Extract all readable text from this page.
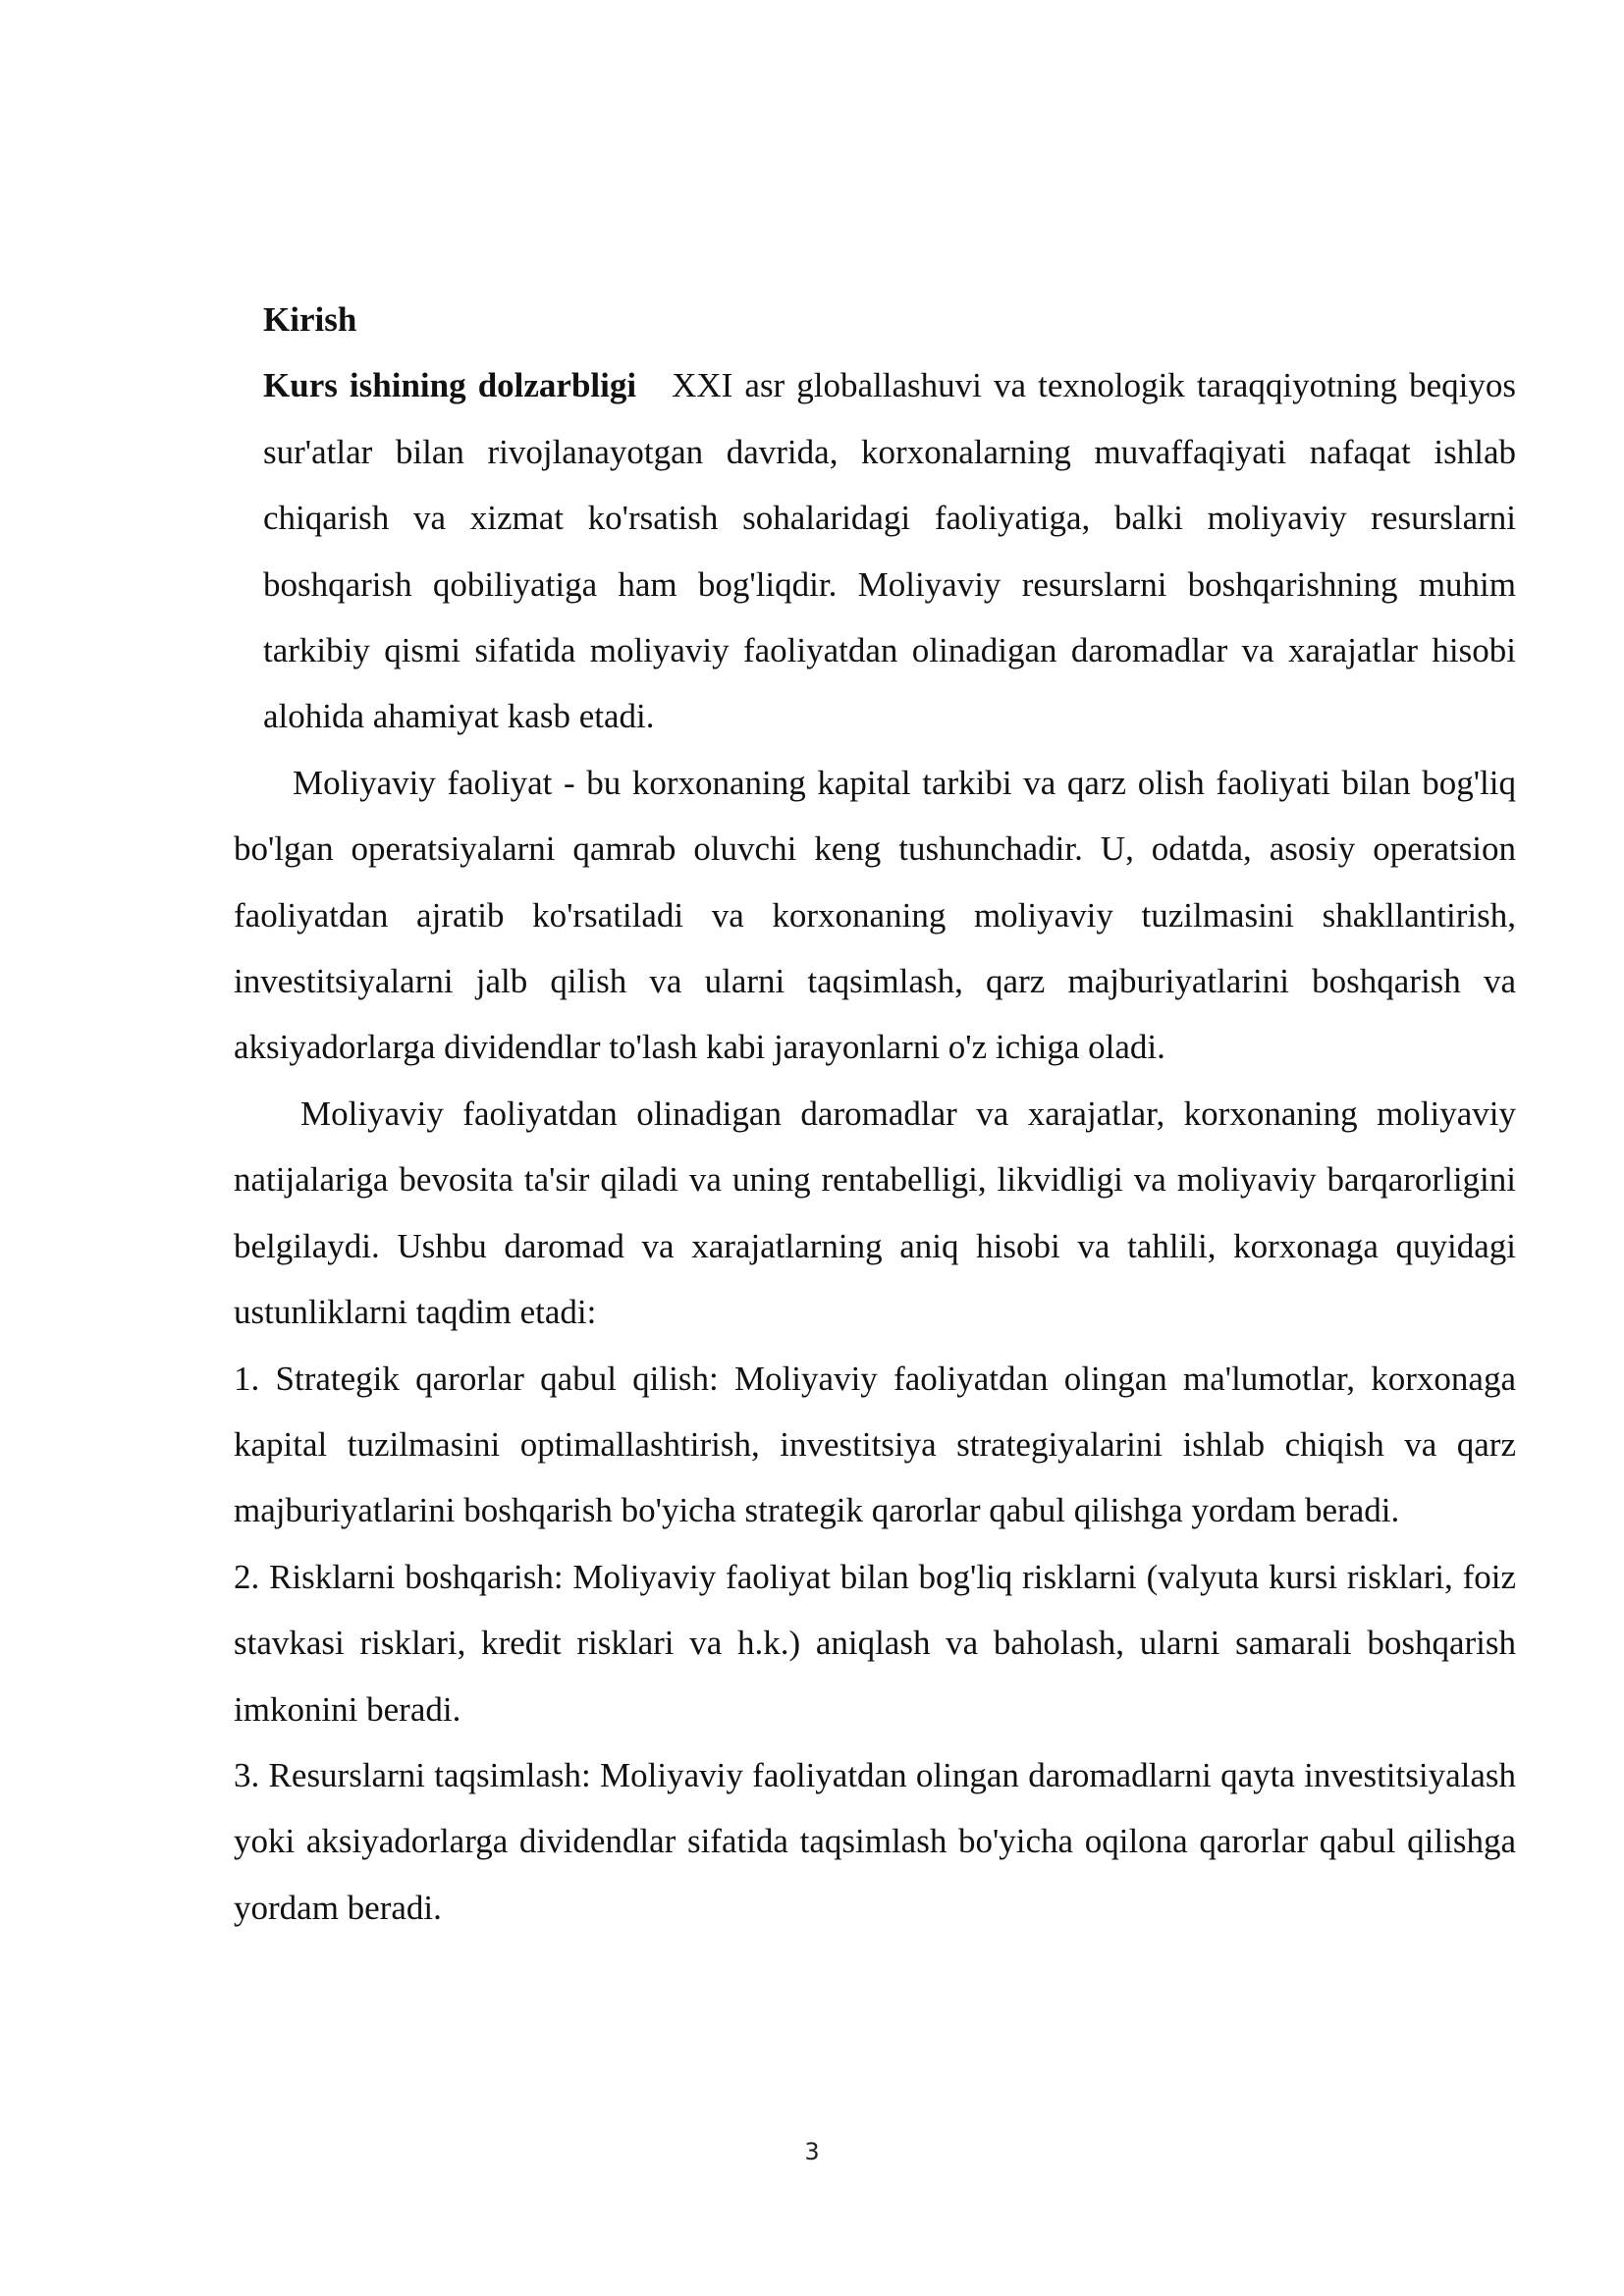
Kirish

Kurs ishining dolzarbligi XXI asr globallashuvi va texnologik taraqqiyotning beqiyos sur'atlar bilan rivojlanayotgan davrida, korxonalarning muvaffaqiyati nafaqat ishlab chiqarish va xizmat ko'rsatish sohalaridagi faoliyatiga, balki moliyaviy resurslarni boshqarish qobiliyatiga ham bog'liqdir. Moliyaviy resurslarni boshqarishning muhim tarkibiy qismi sifatida moliyaviy faoliyatdan olinadigan daromadlar va xarajatlar hisobi alohida ahamiyat kasb etadi.

Moliyaviy faoliyat - bu korxonaning kapital tarkibi va qarz olish faoliyati bilan bog'liq bo'lgan operatsiyalarni qamrab oluvchi keng tushunchadir. U, odatda, asosiy operatsion faoliyatdan ajratib ko'rsatiladi va korxonaning moliyaviy tuzilmasini shakllantirish, investitsiyalarni jalb qilish va ularni taqsimlash, qarz majburiyatlarini boshqarish va aksiyadorlarga dividendlar to'lash kabi jarayonlarni o'z ichiga oladi.

Moliyaviy faoliyatdan olinadigan daromadlar va xarajatlar, korxonaning moliyaviy natijalariga bevosita ta'sir qiladi va uning rentabelligi, likvidligi va moliyaviy barqarorligini belgilaydi. Ushbu daromad va xarajatlarning aniq hisobi va tahlili, korxonaga quyidagi ustunliklarni taqdim etadi:

1. Strategik qarorlar qabul qilish: Moliyaviy faoliyatdan olingan ma'lumotlar, korxonaga kapital tuzilmasini optimallashtirish, investitsiya strategiyalarini ishlab chiqish va qarz majburiyatlarini boshqarish bo'yicha strategik qarorlar qabul qilishga yordam beradi.

2. Risklarni boshqarish: Moliyaviy faoliyat bilan bog'liq risklarni (valyuta kursi risklari, foiz stavkasi risklari, kredit risklari va h.k.) aniqlash va baholash, ularni samarali boshqarish imkonini beradi.

3. Resurslarni taqsimlash: Moliyaviy faoliyatdan olingan daromadlarni qayta investitsiyalash yoki aksiyadorlarga dividendlar sifatida taqsimlash bo'yicha oqilona qarorlar qabul qilishga yordam beradi.

3
